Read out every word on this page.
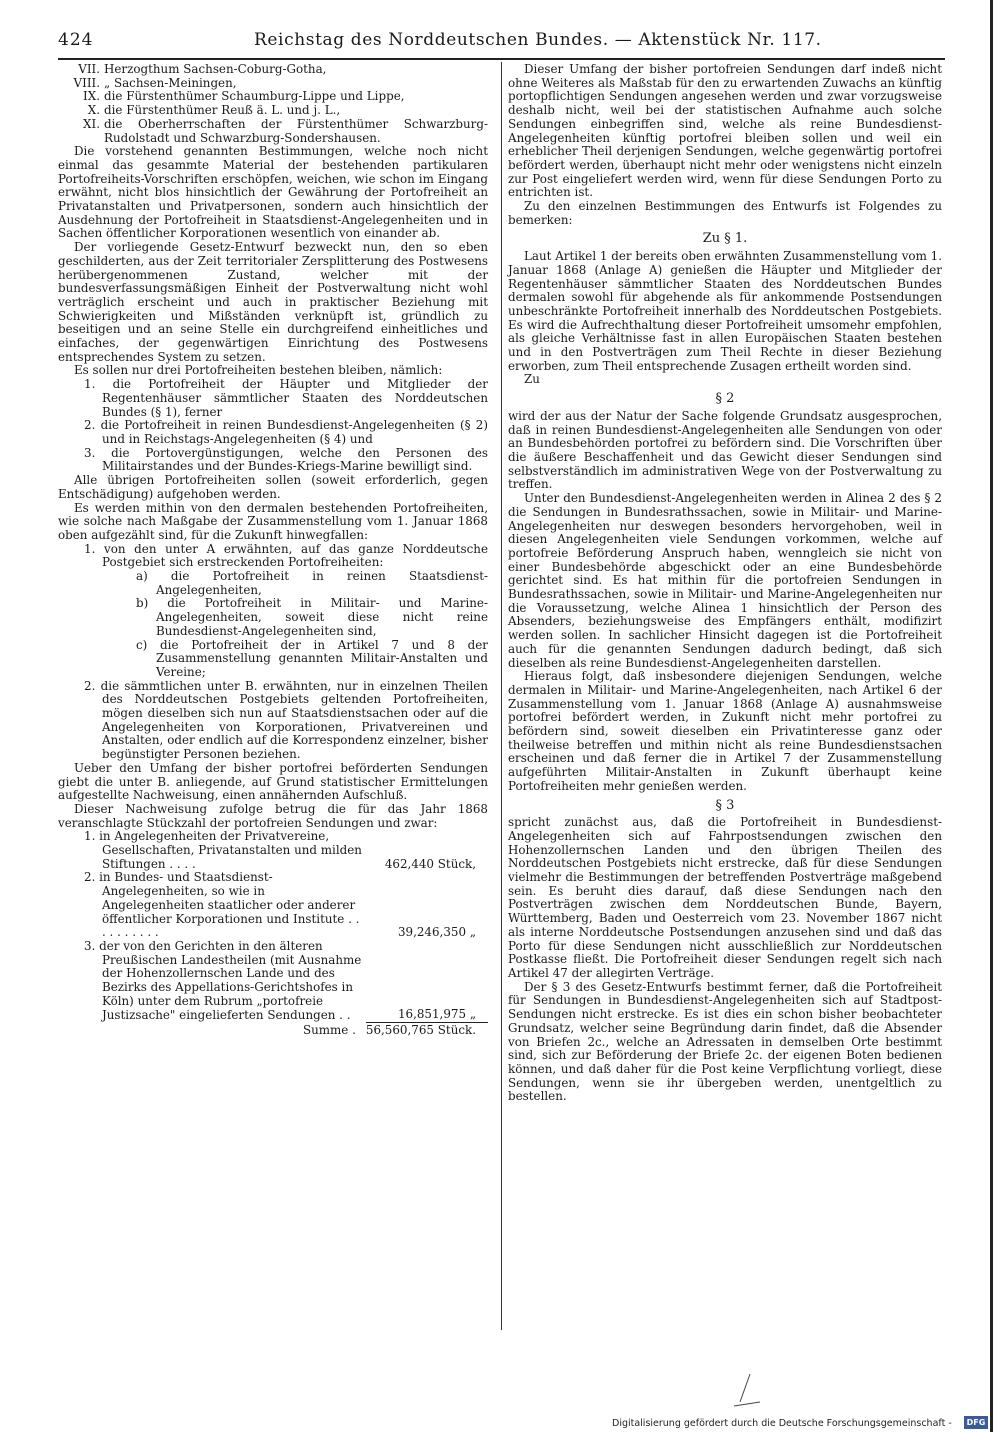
424	Reichstag des Norddeutschen Bundes. — Aktenstück Nr. 117.

VII. Herzogthum Sachsen-Coburg-Gotha,

VIII. „ Sachsen-Meiningen,

IX. die Fürstenthümer Schaumburg-Lippe und Lippe,

X. die Fürstenthümer Reuß ä. L. und j. L.,

XI. die Oberherrschaften der Fürstenthümer Schwarzburg-Rudolstadt und Schwarzburg-Sondershausen.

Die vorstehend genannten Bestimmungen, welche noch nicht einmal das gesammte Material der bestehenden partikularen Portofreiheits-Vorschriften erschöpfen, weichen, wie schon im Eingang erwähnt, nicht blos hinsichtlich der Gewährung der Portofreiheit an Privatanstalten und Privatpersonen, sondern auch hinsichtlich der Ausdehnung der Portofreiheit in Staatsdienst-Angelegenheiten und in Sachen öffentlicher Korporationen wesentlich von einander ab.

Der vorliegende Gesetz-Entwurf bezweckt nun, den so eben geschilderten, aus der Zeit territorialer Zersplitterung des Postwesens herübergenommenen Zustand, welcher mit der bundesverfassungsmäßigen Einheit der Postverwaltung nicht wohl verträglich erscheint und auch in praktischer Beziehung mit Schwierigkeiten und Mißständen verknüpft ist, gründlich zu beseitigen und an seine Stelle ein durchgreifend einheitliches und einfaches, der gegenwärtigen Einrichtung des Postwesens entsprechendes System zu setzen.

Es sollen nur drei Portofreiheiten bestehen bleiben, nämlich:

1. die Portofreiheit der Häupter und Mitglieder der Regentenhäuser sämmtlicher Staaten des Norddeutschen Bundes (§ 1), ferner

2. die Portofreiheit in reinen Bundesdienst-Angelegenheiten (§ 2) und in Reichstags-Angelegenheiten (§ 4) und

3. die Portovergünstigungen, welche den Personen des Militairstandes und der Bundes-Kriegs-Marine bewilligt sind.

Alle übrigen Portofreiheiten sollen (soweit erforderlich, gegen Entschädigung) aufgehoben werden.

Es werden mithin von den dermalen bestehenden Portofreiheiten, wie solche nach Maßgabe der Zusammenstellung vom 1. Januar 1868 oben aufgezählt sind, für die Zukunft hinwegfallen:

1. von den unter A erwähnten, auf das ganze Norddeutsche Postgebiet sich erstreckenden Portofreiheiten:

a) die Portofreiheit in reinen Staatsdienst-Angelegenheiten,

b) die Portofreiheit in Militair- und Marine-Angelegenheiten, soweit diese nicht reine Bundesdienst-Angelegenheiten sind,

c) die Portofreiheit der in Artikel 7 und 8 der Zusammenstellung genannten Militair-Anstalten und Vereine;

2. die sämmtlichen unter B. erwähnten, nur in einzelnen Theilen des Norddeutschen Postgebiets geltenden Portofreiheiten, mögen dieselben sich nun auf Staatsdienstsachen oder auf die Angelegenheiten von Korporationen, Privatvereinen und Anstalten, oder endlich auf die Korrespondenz einzelner, bisher begünstigter Personen beziehen.

Ueber den Umfang der bisher portofrei beförderten Sendungen giebt die unter B. anliegende, auf Grund statistischer Ermittelungen aufgestellte Nachweisung, einen annähernden Aufschluß.

Dieser Nachweisung zufolge betrug die für das Jahr 1868 veranschlagte Stückzahl der portofreien Sendungen und zwar:

1. in Angelegenheiten der Privatvereine, Gesellschaften, Privatanstalten und milden Stiftungen . . . .	462,440 Stück,
2. in Bundes- und Staatsdienst-Angelegenheiten, so wie in Angelegenheiten staatlicher oder anderer öffentlicher Korporationen und Institute . . . . . . . . . .	39,246,350 „
3. der von den Gerichten in den älteren Preußischen Landestheilen (mit Ausnahme der Hohenzollernschen Lande und des Bezirks des Appellations-Gerichtshofes in Köln) unter dem Rubrum „portofreie Justizsache" eingelieferten Sendungen . .	16,851,975 „
Summe .	56,560,765 Stück.

Dieser Umfang der bisher portofreien Sendungen darf indeß nicht ohne Weiteres als Maßstab für den zu erwartenden Zuwachs an künftig portopflichtigen Sendungen angesehen werden und zwar vorzugsweise deshalb nicht, weil bei der statistischen Aufnahme auch solche Sendungen einbegriffen sind, welche als reine Bundesdienst-Angelegenheiten künftig portofrei bleiben sollen und weil ein erheblicher Theil derjenigen Sendungen, welche gegenwärtig portofrei befördert werden, überhaupt nicht mehr oder wenigstens nicht einzeln zur Post eingeliefert werden wird, wenn für diese Sendungen Porto zu entrichten ist.

Zu den einzelnen Bestimmungen des Entwurfs ist Folgendes zu bemerken:

Zu § 1.

Laut Artikel 1 der bereits oben erwähnten Zusammenstellung vom 1. Januar 1868 (Anlage A) genießen die Häupter und Mitglieder der Regentenhäuser sämmtlicher Staaten des Norddeutschen Bundes dermalen sowohl für abgehende als für ankommende Postsendungen unbeschränkte Portofreiheit innerhalb des Norddeutschen Postgebiets. Es wird die Aufrechthaltung dieser Portofreiheit umsomehr empfohlen, als gleiche Verhältnisse fast in allen Europäischen Staaten bestehen und in den Postverträgen zum Theil Rechte in dieser Beziehung erworben, zum Theil entsprechende Zusagen ertheilt worden sind.

Zu

§ 2

wird der aus der Natur der Sache folgende Grundsatz ausgesprochen, daß in reinen Bundesdienst-Angelegenheiten alle Sendungen von oder an Bundesbehörden portofrei zu befördern sind. Die Vorschriften über die äußere Beschaffenheit und das Gewicht dieser Sendungen sind selbstverständlich im administrativen Wege von der Postverwaltung zu treffen.

Unter den Bundesdienst-Angelegenheiten werden in Alinea 2 des § 2 die Sendungen in Bundesrathssachen, sowie in Militair- und Marine-Angelegenheiten nur deswegen besonders hervorgehoben, weil in diesen Angelegenheiten viele Sendungen vorkommen, welche auf portofreie Beförderung Anspruch haben, wenngleich sie nicht von einer Bundesbehörde abgeschickt oder an eine Bundesbehörde gerichtet sind. Es hat mithin für die portofreien Sendungen in Bundesrathssachen, sowie in Militair- und Marine-Angelegenheiten nur die Voraussetzung, welche Alinea 1 hinsichtlich der Person des Absenders, beziehungsweise des Empfängers enthält, modifizirt werden sollen. In sachlicher Hinsicht dagegen ist die Portofreiheit auch für die genannten Sendungen dadurch bedingt, daß sich dieselben als reine Bundesdienst-Angelegenheiten darstellen.

Hieraus folgt, daß insbesondere diejenigen Sendungen, welche dermalen in Militair- und Marine-Angelegenheiten, nach Artikel 6 der Zusammenstellung vom 1. Januar 1868 (Anlage A) ausnahmsweise portofrei befördert werden, in Zukunft nicht mehr portofrei zu befördern sind, soweit dieselben ein Privatinteresse ganz oder theilweise betreffen und mithin nicht als reine Bundesdienstsachen erscheinen und daß ferner die in Artikel 7 der Zusammenstellung aufgeführten Militair-Anstalten in Zukunft überhaupt keine Portofreiheiten mehr genießen werden.

§ 3

spricht zunächst aus, daß die Portofreiheit in Bundesdienst-Angelegenheiten sich auf Fahrpostsendungen zwischen den Hohenzollernschen Landen und den übrigen Theilen des Norddeutschen Postgebiets nicht erstrecke, daß für diese Sendungen vielmehr die Bestimmungen der betreffenden Postverträge maßgebend sein. Es beruht dies darauf, daß diese Sendungen nach den Postverträgen zwischen dem Norddeutschen Bunde, Bayern, Württemberg, Baden und Oesterreich vom 23. November 1867 nicht als interne Norddeutsche Postsendungen anzusehen sind und daß das Porto für diese Sendungen nicht ausschließlich zur Norddeutschen Postkasse fließt. Die Portofreiheit dieser Sendungen regelt sich nach Artikel 47 der allegirten Verträge.

Der § 3 des Gesetz-Entwurfs bestimmt ferner, daß die Portofreiheit für Sendungen in Bundesdienst-Angelegenheiten sich auf Stadtpost-Sendungen nicht erstrecke. Es ist dies ein schon bisher beobachteter Grundsatz, welcher seine Begründung darin findet, daß die Absender von Briefen 2c., welche an Adressaten in demselben Orte bestimmt sind, sich zur Beförderung der Briefe 2c. der eigenen Boten bedienen können, und daß daher für die Post keine Verpflichtung vorliegt, diese Sendungen, wenn sie ihr übergeben werden, unentgeltlich zu bestellen.

Digitalisierung gefördert durch die Deutsche Forschungsgemeinschaft -	DFG
